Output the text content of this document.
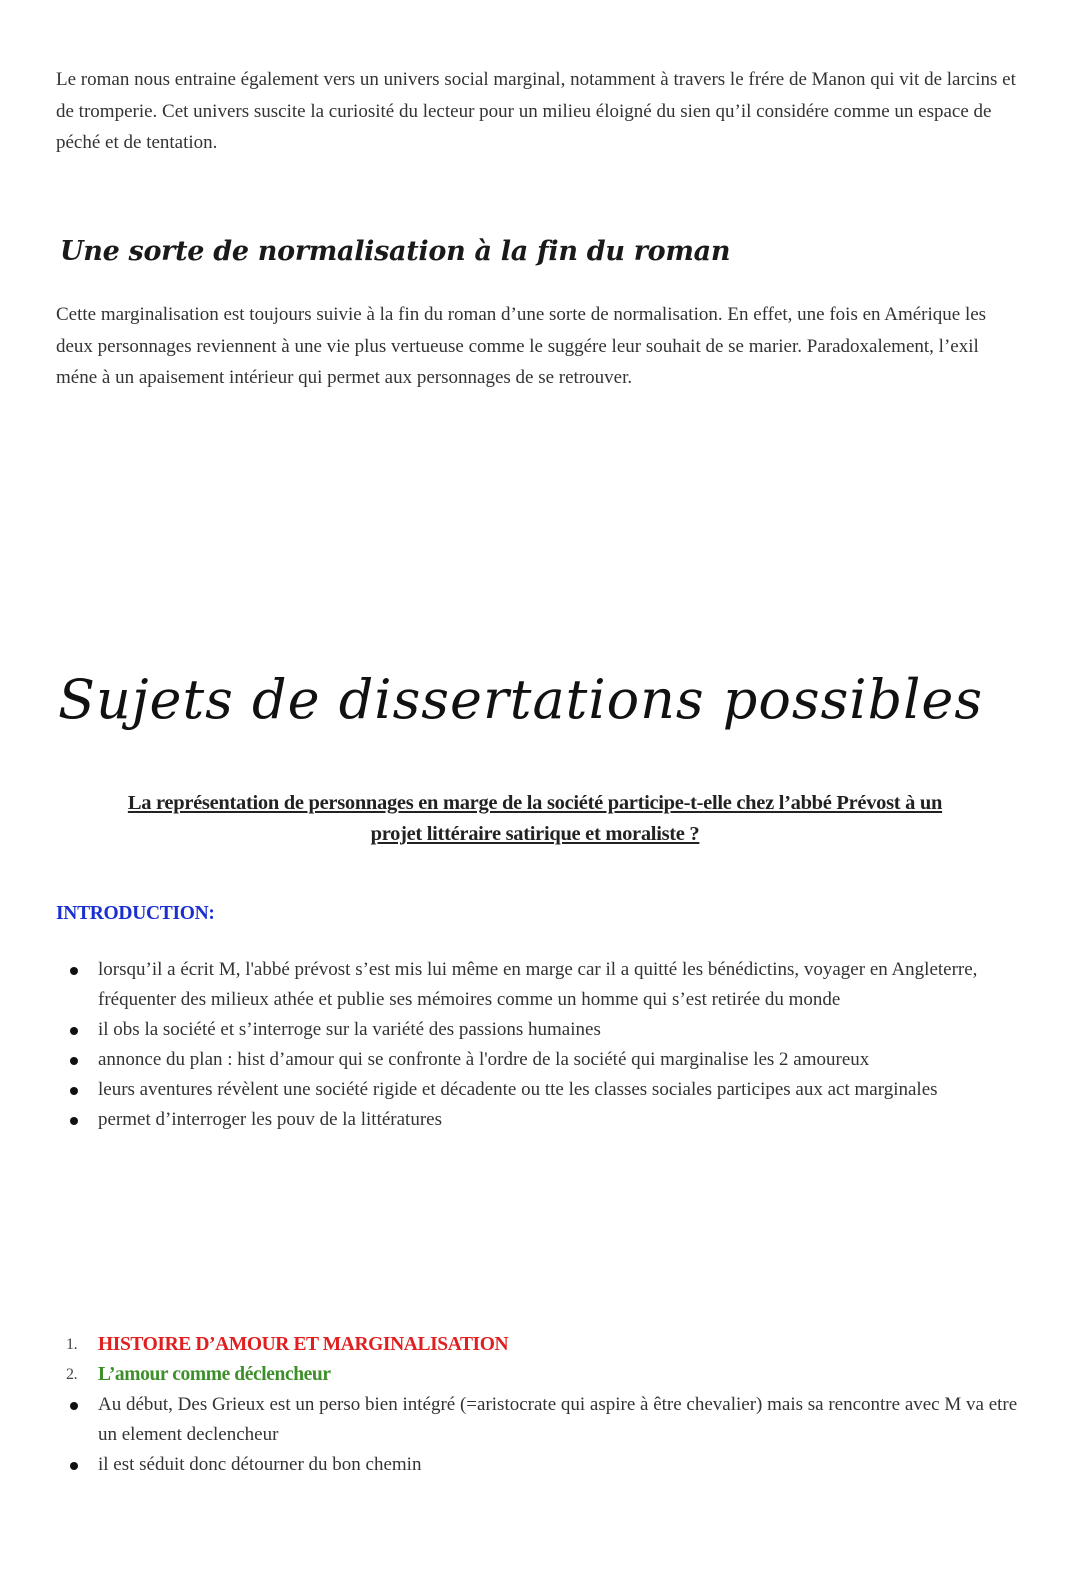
Le roman nous entraine également vers un univers social marginal, notamment à travers le frére de Manon qui vit de larcins et de tromperie. Cet univers suscite la curiosité du lecteur pour un milieu éloigné du sien qu’il considére comme un espace de péché et de tentation.

Une sorte de normalisation à la fin du roman

Cette marginalisation est toujours suivie à la fin du roman d’une sorte de normalisation. En effet, une fois en Amérique les deux personnages reviennent à une vie plus vertueuse comme le suggére leur souhait de se marier. Paradoxalement, l’exil méne à un apaisement intérieur qui permet aux personnages de se retrouver.

Sujets de dissertations possibles

La représentation de personnages en marge de la société participe-t-elle chez l’abbé Prévost à un

projet littéraire satirique et moraliste ?

INTRODUCTION:
lorsqu’il a écrit M, l'abbé prévost s’est mis lui même en marge car il a quitté les bénédictins, voyager en Angleterre, fréquenter des milieux athée et publie ses mémoires comme un homme qui s’est retirée du monde
il obs la société et s’interroge sur la variété des passions humaines
annonce du plan : hist d’amour qui se confronte à l'ordre de la société qui marginalise les 2 amoureux
leurs aventures révèlent une société rigide et décadente ou tte les classes sociales participes aux act marginales
permet d’interroger les pouv de la littératures
1. HISTOIRE D’AMOUR ET MARGINALISATION
2. L’amour comme déclencheur
Au début, Des Grieux est un perso bien intégré (=aristocrate qui aspire à être chevalier) mais sa rencontre avec M va etre un element declencheur
il est séduit donc détourner du bon chemin
